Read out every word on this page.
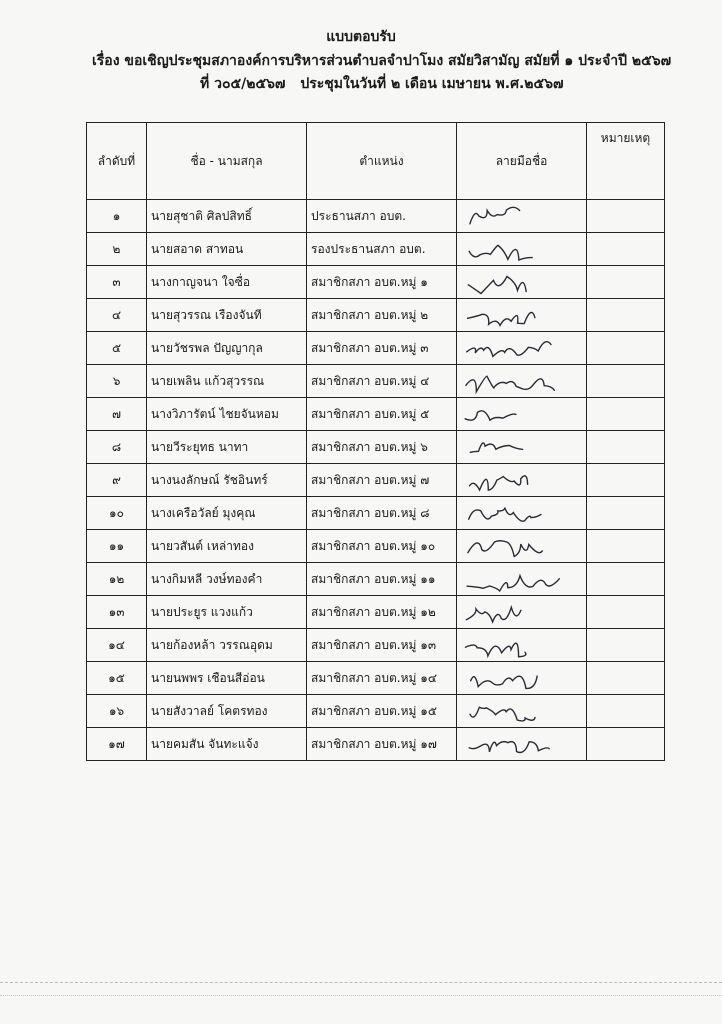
แบบตอบรับ
เรื่อง ขอเชิญประชุมสภาองค์การบริหารส่วนตำบลจำปาโมง สมัยวิสามัญ สมัยที่ ๑ ประจำปี ๒๕๖๗
ที่ ว๐๕/๒๕๖๗ ประชุมในวันที่ ๒ เดือน เมษายน พ.ศ.๒๕๖๗
ลำดับที่	ชื่อ - นามสกุล	ตำแหน่ง	ลายมือชื่อ	หมายเหตุ
๑	นายสุชาติ ศิลปสิทธิ์	ประธานสภา อบต.	

๒	นายสอาด สาทอน	รองประธานสภา อบต.	

๓	นางกาญจนา ใจซื่อ	สมาชิกสภา อบต.หมู่ ๑	

๔	นายสุวรรณ เรืองจันที	สมาชิกสภา อบต.หมู่ ๒	

๕	นายวัชรพล ปัญญากุล	สมาชิกสภา อบต.หมู่ ๓	

๖	นายเพลิน แก้วสุวรรณ	สมาชิกสภา อบต.หมู่ ๔	

๗	นางวิภารัตน์ ไชยจันหอม	สมาชิกสภา อบต.หมู่ ๕	

๘	นายวีระยุทธ นาทา	สมาชิกสภา อบต.หมู่ ๖	

๙	นางนงลักษณ์ รัชอินทร์	สมาชิกสภา อบต.หมู่ ๗	

๑๐	นางเครือวัลย์ มุงคุณ	สมาชิกสภา อบต.หมู่ ๘	

๑๑	นายวสันต์ เหล่าทอง	สมาชิกสภา อบต.หมู่ ๑๐	

๑๒	นางกิมหลี วงษ์ทองคำ	สมาชิกสภา อบต.หมู่ ๑๑	

๑๓	นายประยูร แวงแก้ว	สมาชิกสภา อบต.หมู่ ๑๒	

๑๔	นายก้องหล้า วรรณอุดม	สมาชิกสภา อบต.หมู่ ๑๓	

๑๕	นายนพพร เชือนสีอ่อน	สมาชิกสภา อบต.หมู่ ๑๔	

๑๖	นายสังวาลย์ โคตรทอง	สมาชิกสภา อบต.หมู่ ๑๕	

๑๗	นายคมสัน จันทะแจ้ง	สมาชิกสภา อบต.หมู่ ๑๗	
